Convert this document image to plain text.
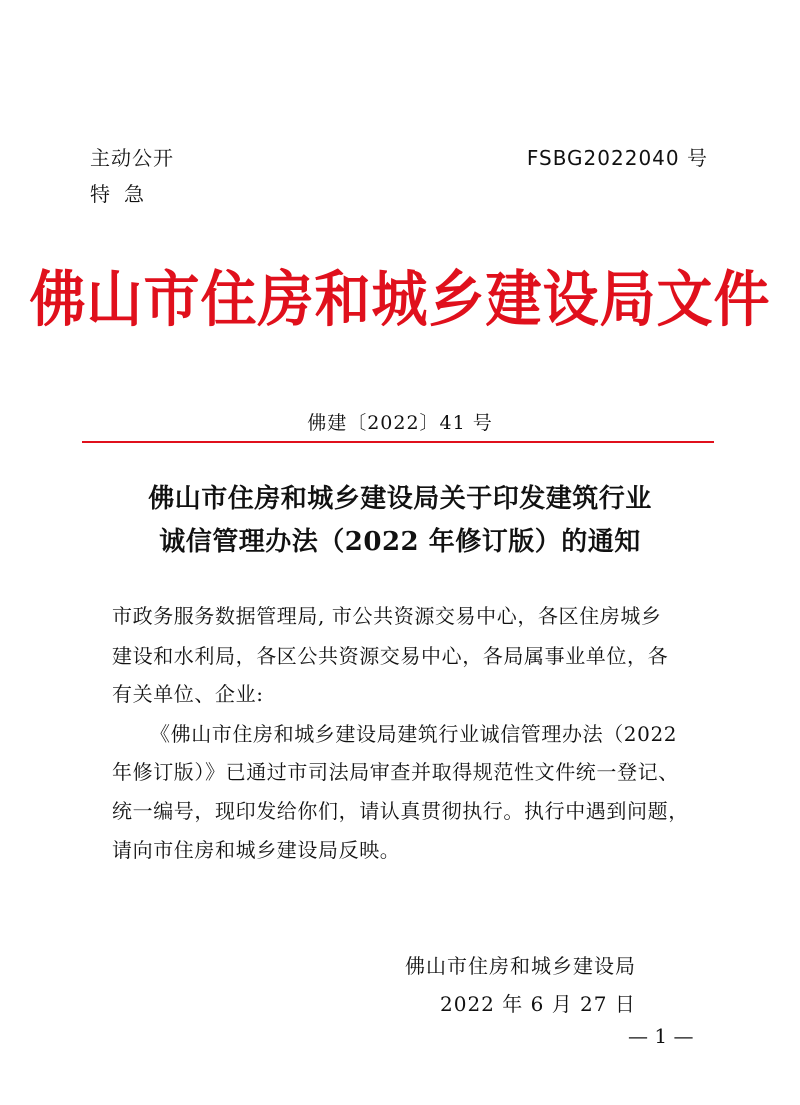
主动公开
特急
FSBG2022040 号
佛山市住房和城乡建设局文件
佛建〔2022〕41 号
佛山市住房和城乡建设局关于印发建筑行业
诚信管理办法（2022 年修订版）的通知
市政务服务数据管理局, 市公共资源交易中心，各区住房城乡
建设和水利局，各区公共资源交易中心，各局属事业单位，各
有关单位、企业:
《佛山市住房和城乡建设局建筑行业诚信管理办法（2022
年修订版）》已通过市司法局审查并取得规范性文件统一登记、
统一编号，现印发给你们，请认真贯彻执行。执行中遇到问题，
请向市住房和城乡建设局反映。
佛山市住房和城乡建设局
2022 年 6 月 27 日
— 1 —
